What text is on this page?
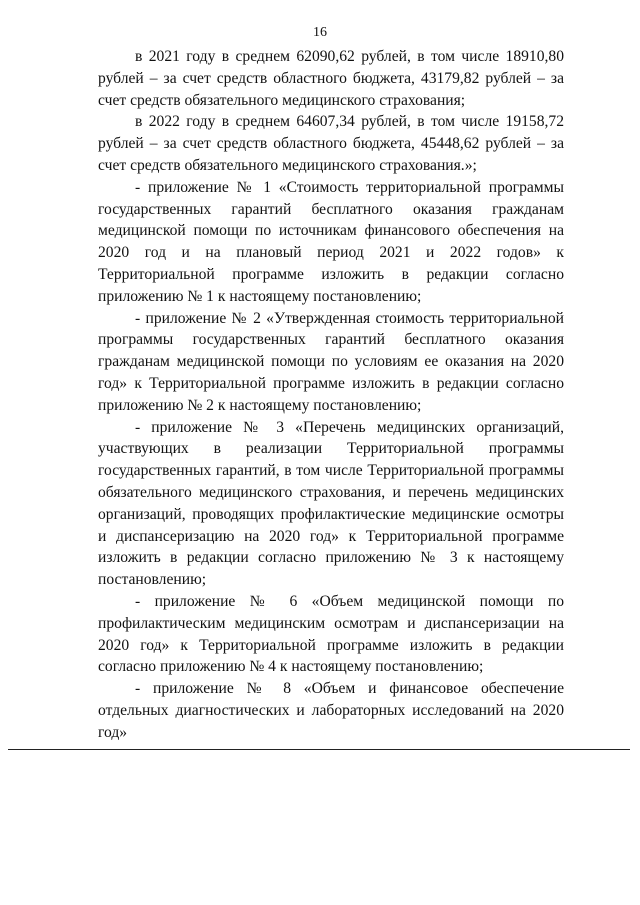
16

в 2021 году в среднем 62090,62 рублей, в том числе 18910,80 рублей – за счет средств областного бюджета, 43179,82 рублей – за счет средств обязательного медицинского страхования;

в 2022 году в среднем 64607,34 рублей, в том числе 19158,72 рублей – за счет средств областного бюджета, 45448,62 рублей – за счет средств обязательного медицинского страхования.»;

- приложение № 1 «Стоимость территориальной программы государственных гарантий бесплатного оказания гражданам медицинской помощи по источникам финансового обеспечения на 2020 год и на плановый период 2021 и 2022 годов» к Территориальной программе изложить в редакции согласно приложению № 1 к настоящему постановлению;

- приложение № 2 «Утвержденная стоимость территориальной программы государственных гарантий бесплатного оказания гражданам медицинской помощи по условиям ее оказания на 2020 год» к Территориальной программе изложить в редакции согласно приложению № 2 к настоящему постановлению;

- приложение № 3 «Перечень медицинских организаций, участвующих в реализации Территориальной программы государственных гарантий, в том числе Территориальной программы обязательного медицинского страхования, и перечень медицинских организаций, проводящих профилактические медицинские осмотры и диспансеризацию на 2020 год» к Территориальной программе изложить в редакции согласно приложению № 3 к настоящему постановлению;

- приложение № 6 «Объем медицинской помощи по профилактическим медицинским осмотрам и диспансеризации на 2020 год» к Территориальной программе изложить в редакции согласно приложению № 4 к настоящему постановлению;

- приложение № 8 «Объем и финансовое обеспечение отдельных диагностических и лабораторных исследований на 2020 год»
